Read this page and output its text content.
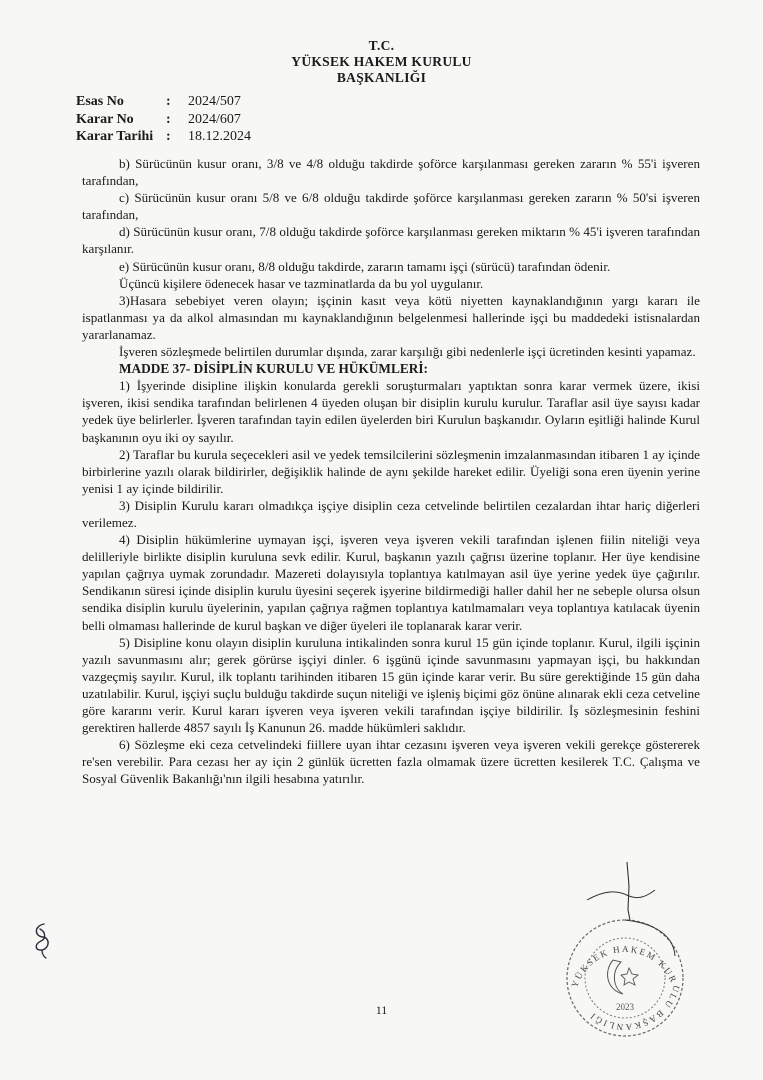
T.C.
YÜKSEK HAKEM KURULU
BAŞKANLIĞI
Esas No	:	2024/507
Karar No	:	2024/607
Karar Tarihi :	18.12.2024

b) Sürücünün kusur oranı, 3/8 ve 4/8 olduğu takdirde şoförce karşılanması gereken zararın % 55'i işveren tarafından,

c) Sürücünün kusur oranı 5/8 ve 6/8 olduğu takdirde şoförce karşılanması gereken zararın % 50'si işveren tarafından,

d) Sürücünün kusur oranı, 7/8 olduğu takdirde şoförce karşılanması gereken miktarın % 45'i işveren tarafından karşılanır.

e) Sürücünün kusur oranı, 8/8 olduğu takdirde, zararın tamamı işçi (sürücü) tarafından ödenir.

Üçüncü kişilere ödenecek hasar ve tazminatlarda da bu yol uygulanır.

3)Hasara sebebiyet veren olayın; işçinin kasıt veya kötü niyetten kaynaklandığının yargı kararı ile ispatlanması ya da alkol almasından mı kaynaklandığının belgelenmesi hallerinde işçi bu maddedeki istisnalardan yararlanamaz.

İşveren sözleşmede belirtilen durumlar dışında, zarar karşılığı gibi nedenlerle işçi ücretinden kesinti yapamaz.

MADDE 37- DİSİPLİN KURULU VE HÜKÜMLERİ:

1) İşyerinde disipline ilişkin konularda gerekli soruşturmaları yaptıktan sonra karar vermek üzere, ikisi işveren, ikisi sendika tarafından belirlenen 4 üyeden oluşan bir disiplin kurulu kurulur. Taraflar asil üye sayısı kadar yedek üye belirlerler. İşveren tarafından tayin edilen üyelerden biri Kurulun başkanıdır. Oyların eşitliği halinde Kurul başkanının oyu iki oy sayılır.

2) Taraflar bu kurula seçecekleri asil ve yedek temsilcilerini sözleşmenin imzalanmasından itibaren 1 ay içinde birbirlerine yazılı olarak bildirirler, değişiklik halinde de aynı şekilde hareket edilir. Üyeliği sona eren üyenin yerine yenisi 1 ay içinde bildirilir.

3) Disiplin Kurulu kararı olmadıkça işçiye disiplin ceza cetvelinde belirtilen cezalardan ihtar hariç diğerleri verilemez.

4) Disiplin hükümlerine uymayan işçi, işveren veya işveren vekili tarafından işlenen fiilin niteliği veya delilleriyle birlikte disiplin kuruluna sevk edilir. Kurul, başkanın yazılı çağrısı üzerine toplanır. Her üye kendisine yapılan çağrıya uymak zorundadır. Mazereti dolayısıyla toplantıya katılmayan asil üye yerine yedek üye çağırılır. Sendikanın süresi içinde disiplin kurulu üyesini seçerek işyerine bildirmediği haller dahil her ne sebeple olursa olsun sendika disiplin kurulu üyelerinin, yapılan çağrıya rağmen toplantıya katılmamaları veya toplantıya katılacak üyenin belli olmaması hallerinde de kurul başkan ve diğer üyeleri ile toplanarak karar verir.

5) Disipline konu olayın disiplin kuruluna intikalinden sonra kurul 15 gün içinde toplanır. Kurul, ilgili işçinin yazılı savunmasını alır; gerek görürse işçiyi dinler. 6 işgünü içinde savunmasını yapmayan işçi, bu hakkından vazgeçmiş sayılır. Kurul, ilk toplantı tarihinden itibaren 15 gün içinde karar verir. Bu süre gerektiğinde 15 gün daha uzatılabilir. Kurul, işçiyi suçlu bulduğu takdirde suçun niteliği ve işleniş biçimi göz önüne alınarak ekli ceza cetveline göre kararını verir. Kurul kararı işveren veya işveren vekili tarafından işçiye bildirilir. İş sözleşmesinin feshini gerektiren hallerde 4857 sayılı İş Kanunun 26. madde hükümleri saklıdır.

6) Sözleşme eki ceza cetvelindeki fiillere uyan ihtar cezasını işveren veya işveren vekili gerekçe göstererek re'sen verebilir. Para cezası her ay için 2 günlük ücretten fazla olmamak üzere ücretten kesilerek T.C. Çalışma ve Sosyal Güvenlik Bakanlığı'nın ilgili hesabına yatırılır.

2023
YÜKSEK HAKEM KURULU BAŞKANLIĞI
11
